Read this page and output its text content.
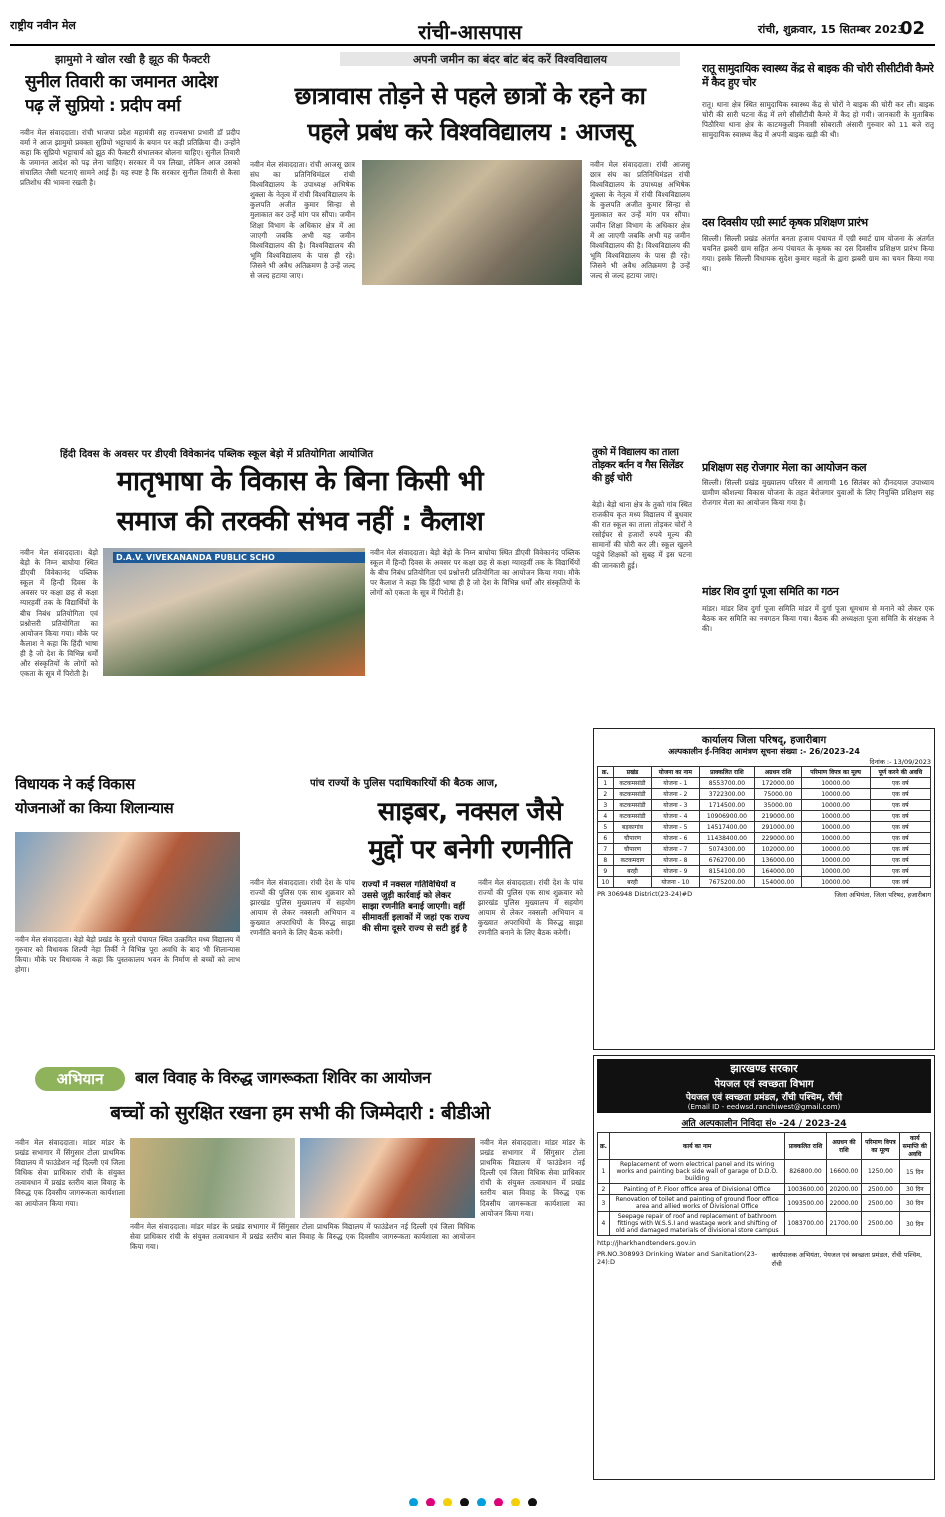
राष्ट्रीय नवीन मेल	रांची-आसपास	रांची, शुक्रवार, 15 सितम्बर 2023
02
झामुमो ने खोल रखी है झूठ की फैक्टरी	अपनी जमीन का बंदर बांट बंद करें विश्वविद्यालय
सुनील तिवारी का जमानत आदेश
पढ़ लें सुप्रियो : प्रदीप वर्मा
नवीन मेल संवाददाता। रांची भाजपा प्रदेश महामंत्री सह राज्यसभा प्रभारी डॉ प्रदीप वर्मा ने आज झामुमो प्रवक्ता सुप्रियो भट्टाचार्य के बयान पर कड़ी प्रतिक्रिया दी। उन्होंने कहा कि सुप्रियो भट्टाचार्य को झूठ की फैक्टरी संभालकर बोलना चाहिए। सुनील तिवारी के जमानत आदेश को पढ़ लेना चाहिए। सरकार में पत्र लिखा, लेकिन आज उसको संचालित जैसी घटनाएं सामने आई हैं। यह स्पष्ट है कि सरकार सुनील तिवारी से कैसा प्रतिशोध की भावना रखती है।
छात्रावास तोड़ने से पहले छात्रों के रहने का
पहले प्रबंध करे विश्वविद्यालय : आजसू
नवीन मेल संवाददाता। रांची आजसू छात्र संघ का प्रतिनिधिमंडल रांची विश्वविद्यालय के उपाध्यक्ष अभिषेक शुक्ला के नेतृत्व में रांची विश्वविद्यालय के कुलपति अजीत कुमार सिन्हा से मुलाकात कर उन्हें मांग पत्र सौंपा। जमीन शिक्षा विभाग के अधिकार क्षेत्र में आ जाएगी जबकि अभी यह जमीन विश्वविद्यालय की है। विश्वविद्यालय की भूमि विश्वविद्यालय के पास ही रहे। जिसने भी अवैध अतिक्रमण है उन्हें जल्द से जल्द हटाया जाए।
नवीन मेल संवाददाता। रांची आजसू छात्र संघ का प्रतिनिधिमंडल रांची विश्वविद्यालय के उपाध्यक्ष अभिषेक शुक्ला के नेतृत्व में रांची विश्वविद्यालय के कुलपति अजीत कुमार सिन्हा से मुलाकात कर उन्हें मांग पत्र सौंपा। जमीन शिक्षा विभाग के अधिकार क्षेत्र में आ जाएगी जबकि अभी यह जमीन विश्वविद्यालय की है। विश्वविद्यालय की भूमि विश्वविद्यालय के पास ही रहे। जिसने भी अवैध अतिक्रमण है उन्हें जल्द से जल्द हटाया जाए।
रातू सामुदायिक स्वास्थ्य केंद्र से बाइक की चोरी सीसीटीवी कैमरे में कैद हुए चोर
रातू। थाना क्षेत्र स्थित सामुदायिक स्वास्थ्य केंद्र से चोरों ने बाइक की चोरी कर ली। बाइक चोरी की सारी घटना केंद्र में लगे सीसीटीवी कैमरे में कैद हो गयी। जानकारी के मुताबिक पिठौरिया थाना क्षेत्र के काटमकुली निवासी सोबराती अंसारी गुरुवार को 11 बजे रातू सामुदायिक स्वास्थ्य केंद्र में अपनी बाइक खड़ी की थी।
दस दिवसीय एग्री स्मार्ट कृषक प्रशिक्षण प्रारंभ
सिल्ली। सिल्ली प्रखंड अंतर्गत बनता हजाम पंचायत में एग्री स्मार्ट ग्राम योजना के अंतर्गत चयनित झबरी ग्राम सहित अन्य पंचायत के कृषक का दस दिवसीय प्रशिक्षण प्रारंभ किया गया। इसके सिल्ली विधायक सुदेश कुमार महतो के द्वारा झबरी ग्राम का चयन किया गया था।
हिंदी दिवस के अवसर पर डीएवी विवेकानंद पब्लिक स्कूल बेड़ो में प्रतियोगिता आयोजित
मातृभाषा के विकास के बिना किसी भी
समाज की तरक्की संभव नहीं : कैलाश
D.A.V. VIVEKANANDA PUBLIC SCHO
नवीन मेल संवाददाता। बेड़ो बेड़ो के निम्न बाघोया स्थित डीएवी विवेकानंद पब्लिक स्कूल में हिन्दी दिवस के अवसर पर कक्षा छह से कक्षा ग्यारहवीं तक के विद्यार्थियों के बीच निबंध प्रतियोगिता एवं प्रश्नोत्तरी प्रतियोगिता का आयोजन किया गया। मौके पर कैलाश ने कहा कि हिंदी भाषा ही है जो देश के विभिन्न धर्मों और संस्कृतियों के लोगों को एकता के सूत्र में पिरोती है।
नवीन मेल संवाददाता। बेड़ो बेड़ो के निम्न बाघोया स्थित डीएवी विवेकानंद पब्लिक स्कूल में हिन्दी दिवस के अवसर पर कक्षा छह से कक्षा ग्यारहवीं तक के विद्यार्थियों के बीच निबंध प्रतियोगिता एवं प्रश्नोत्तरी प्रतियोगिता का आयोजन किया गया। मौके पर कैलाश ने कहा कि हिंदी भाषा ही है जो देश के विभिन्न धर्मों और संस्कृतियों के लोगों को एकता के सूत्र में पिरोती है।
तुको में विद्यालय का ताला तोड़कर बर्तन व गैस सिलेंडर की हुई चोरी
बेड़ो। बेड़ो थाना क्षेत्र के तुको गांव स्थित राजकीय कृत मध्य विद्यालय में बुधवार की रात स्कूल का ताला तोड़कर चोरों ने रसोईघर से हजारों रुपये मूल्य की सामानों की चोरी कर ली। स्कूल खुलने पहुंचे शिक्षकों को सुबह में इस घटना की जानकारी हुई।
प्रशिक्षण सह रोजगार मेला का आयोजन कल
सिल्ली। सिल्ली प्रखंड मुख्यालय परिसर में आगामी 16 सितंबर को दीनदयाल उपाध्याय ग्रामीण कौशल्या विकास योजना के तहत बेरोजगार युवाओं के लिए नियुक्ति प्रशिक्षण सह रोजगार मेला का आयोजन किया गया है।
मांडर शिव दुर्गा पूजा समिति का गठन
मांडर। मांडर शिव दुर्गा पूजा समिति मांडर में दुर्गा पूजा धूमधाम से मनाने को लेकर एक बैठक कर समिति का नवगठन किया गया। बैठक की अध्यक्षता पूजा समिति के संरक्षक ने की।
विधायक ने कई विकास
योजनाओं का किया शिलान्यास
नवीन मेल संवाददाता। बेड़ो बेड़ो प्रखंड के मुरतो पंचायत स्थित उत्क्रमित मध्य विद्यालय में गुरुवार को विधायक शिल्पी नेहा तिर्की ने विभिन्न पूरा अवधि के बाद भी शिलान्यास किया। मौके पर विधायक ने कहा कि पुस्तकालय भवन के निर्माण से बच्चों को लाभ होगा।
पांच राज्यों के पुलिस पदाधिकारियों की बैठक आज,
साइबर, नक्सल जैसे
मुद्दों पर बनेगी रणनीति
नवीन मेल संवाददाता। रांची देश के पांच राज्यों की पुलिस एक साथ शुक्रवार को झारखंड पुलिस मुख्यालय में सहयोग आयाम से लेकर नक्सली अभियान व कुख्यात अपराधियों के विरुद्ध साझा रणनीति बनाने के लिए बैठक करेगी।
राज्यों में नक्सल गतिविधियों व उससे जुड़ी कार्रवाई को लेकर साझा रणनीति बनाई जाएगी। वहीं सीमावर्ती इलाकों में जहां एक राज्य की सीमा दूसरे राज्य से सटी हुई है
नवीन मेल संवाददाता। रांची देश के पांच राज्यों की पुलिस एक साथ शुक्रवार को झारखंड पुलिस मुख्यालय में सहयोग आयाम से लेकर नक्सली अभियान व कुख्यात अपराधियों के विरुद्ध साझा रणनीति बनाने के लिए बैठक करेगी।
कार्यालय जिला परिषद्, हजारीबाग
अल्पकालीन ई-निविदा आमंत्रण सूचना संख्या :- 26/2023-24
दिनांक :- 13/09/2023
क्र.	प्रखंड	योजना का नाम	प्राक्कलित राशि	अग्रधन राशि	परिमाण विपत्र का मूल्य	पूर्ण करने की अवधि
1	कटकमसांडी	योजना - 1	8553700.00	172000.00	10000.00	एक वर्ष
2	कटकमसांडी	योजना - 2	3722300.00	75000.00	10000.00	एक वर्ष
3	कटकमसांडी	योजना - 3	1714500.00	35000.00	10000.00	एक वर्ष
4	कटकमसांडी	योजना - 4	10906900.00	219000.00	10000.00	एक वर्ष
5	बड़कागांव	योजना - 5	14517400.00	291000.00	10000.00	एक वर्ष
6	चौपारण	योजना - 6	11438400.00	229000.00	10000.00	एक वर्ष
7	चौपारण	योजना - 7	5074300.00	102000.00	10000.00	एक वर्ष
8	कटकमदाग	योजना - 8	6762700.00	136000.00	10000.00	एक वर्ष
9	बरही	योजना - 9	8154100.00	164000.00	10000.00	एक वर्ष
10	बरही	योजना - 10	7675200.00	154000.00	10000.00	एक वर्ष
PR 306948 District(23-24)#D	जिला अभियंता, जिला परिषद, हजारीबाग
अभियान	बाल विवाह के विरुद्ध जागरूकता शिविर का आयोजन
बच्चों को सुरक्षित रखना हम सभी की जिम्मेदारी : बीडीओ
नवीन मेल संवाददाता। मांडर मांडर के प्रखंड सभागार में सिंगुसार टोला प्राथमिक विद्यालय में फाउंडेशन नई दिल्ली एवं जिला विधिक सेवा प्राधिकार रांची के संयुक्त तत्वावधान में प्रखंड स्तरीय बाल विवाह के विरुद्ध एक दिवसीय जागरूकता कार्यशाला का आयोजन किया गया।
नवीन मेल संवाददाता। मांडर मांडर के प्रखंड सभागार में सिंगुसार टोला प्राथमिक विद्यालय में फाउंडेशन नई दिल्ली एवं जिला विधिक सेवा प्राधिकार रांची के संयुक्त तत्वावधान में प्रखंड स्तरीय बाल विवाह के विरुद्ध एक दिवसीय जागरूकता कार्यशाला का आयोजन किया गया।
नवीन मेल संवाददाता। मांडर मांडर के प्रखंड सभागार में सिंगुसार टोला प्राथमिक विद्यालय में फाउंडेशन नई दिल्ली एवं जिला विधिक सेवा प्राधिकार रांची के संयुक्त तत्वावधान में प्रखंड स्तरीय बाल विवाह के विरुद्ध एक दिवसीय जागरूकता कार्यशाला का आयोजन किया गया।
झारखण्ड सरकार
पेयजल एवं स्वच्छता विभाग
पेयजल एवं स्वच्छता प्रमंडल, राँची पश्चिम, राँची
(Email ID - eedwsd.ranchiwest@gmail.com)
अति अल्पकालीन निविदा सं० -24 / 2023-24
क्र.	कार्य का नाम	प्राक्कलित राशि	अग्रधन की राशि	परिमाण विपत्र का मूल्य	कार्य समाप्ति की अवधि
1	Replacement of worn electrical panel and its wiring works and painting back side wall of garage of D.D.O. building	826800.00	16600.00	1250.00	15 दिन
2	Painting of P. Floor office area of Divisional Office	1003600.00	20200.00	2500.00	30 दिन
3	Renovation of toilet and painting of ground floor office area and allied works of Divisional Office	1093500.00	22000.00	2500.00	30 दिन
4	Seepage repair of roof and replacement of bathroom fittings with W.S.S.I and wastage work and shifting of old and damaged materials of divisional store campus	1083700.00	21700.00	2500.00	30 दिन
http://jharkhandtenders.gov.in
PR.NO.308993 Drinking Water and Sanitation(23-24):D
कार्यपालक अभियंता, पेयजल एवं स्वच्छता प्रमंडल, राँची पश्चिम, राँची
